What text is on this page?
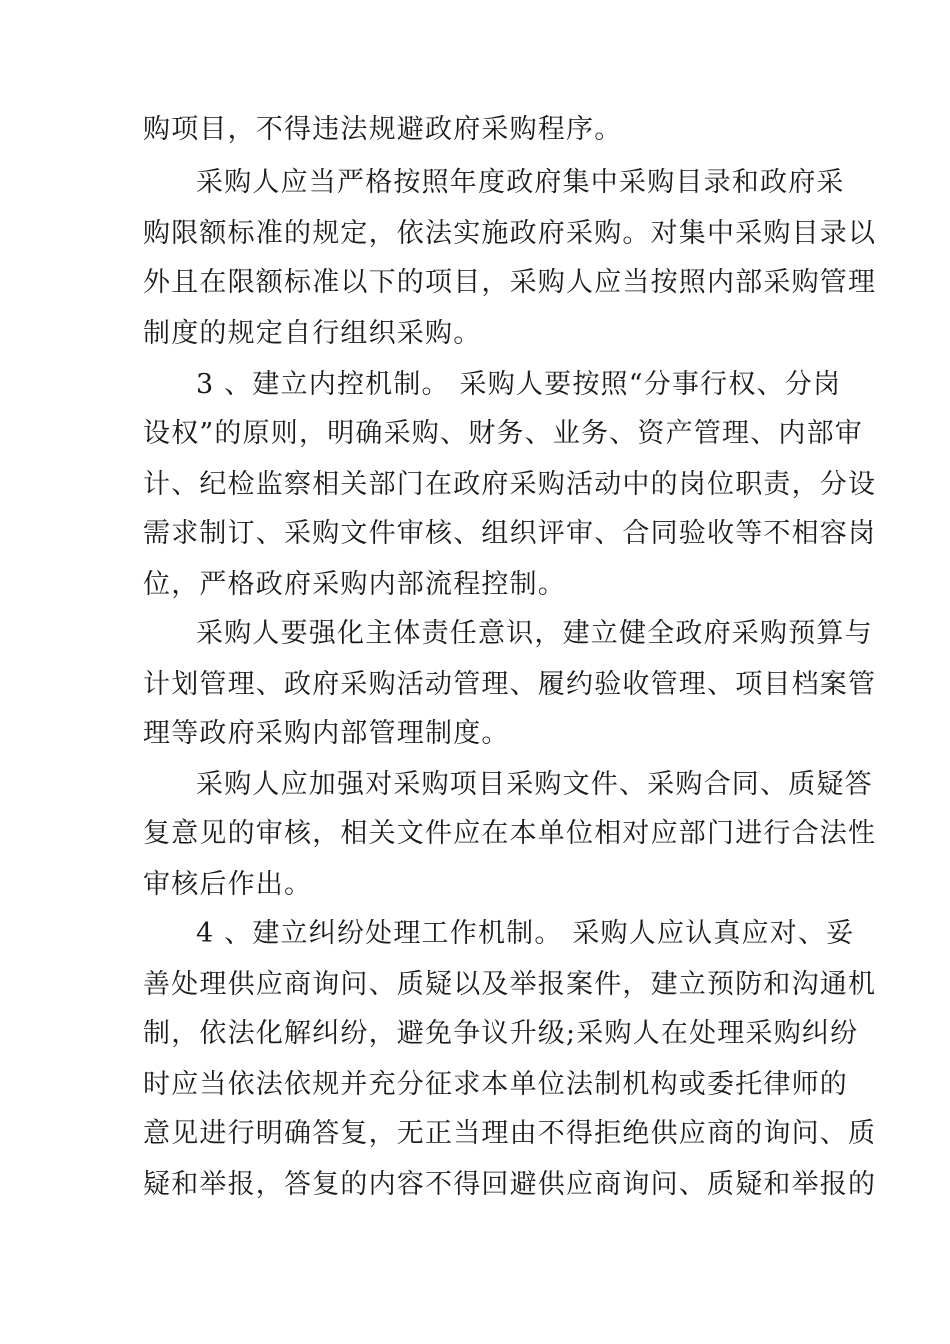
购项目，不得违法规避政府采购程序。
采购人应当严格按照年度政府集中采购目录和政府采
购限额标准的规定，依法实施政府采购。对集中采购目录以
外且在限额标准以下的项目，采购人应当按照内部采购管理
制度的规定自行组织采购。
3 、建立内控机制。 采购人要按照“分事行权、分岗
设权”的原则，明确采购、财务、业务、资产管理、内部审
计、纪检监察相关部门在政府采购活动中的岗位职责，分设
需求制订、采购文件审核、组织评审、合同验收等不相容岗
位，严格政府采购内部流程控制。
采购人要强化主体责任意识，建立健全政府采购预算与
计划管理、政府采购活动管理、履约验收管理、项目档案管
理等政府采购内部管理制度。
采购人应加强对采购项目采购文件、采购合同、质疑答
复意见的审核，相关文件应在本单位相对应部门进行合法性
审核后作出。
4 、建立纠纷处理工作机制。 采购人应认真应对、妥
善处理供应商询问、质疑以及举报案件，建立预防和沟通机
制，依法化解纠纷，避免争议升级;采购人在处理采购纠纷
时应当依法依规并充分征求本单位法制机构或委托律师的
意见进行明确答复，无正当理由不得拒绝供应商的询问、质
疑和举报，答复的内容不得回避供应商询问、质疑和举报的
